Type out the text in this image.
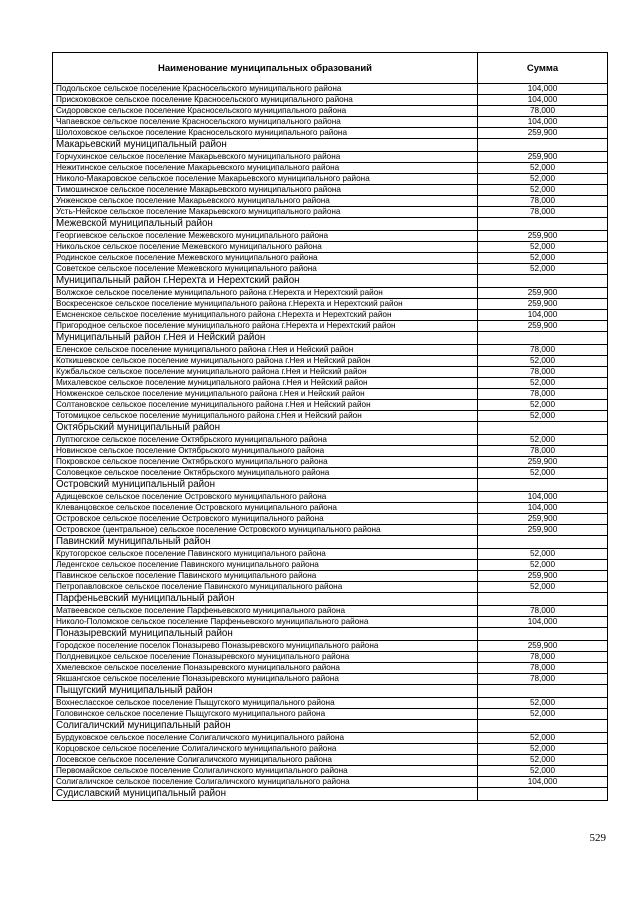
Наименование муниципальных образований	Сумма
Подольское сельское поселение Красносельского муниципального района	104,000
Прискоковское сельское поселение Красносельского муниципального района	104,000
Сидоровское сельское поселение Красносельского муниципального района	78,000
Чапаевское сельское поселение Красносельского муниципального района	104,000
Шолоховское сельское поселение Красносельского муниципального района	259,900
Макарьевский муниципальный район	
Горчухинское сельское поселение Макарьевского муниципального района	259,900
Нежитинское сельское поселение Макарьевского муниципального района	52,000
Николо-Макаровское сельское поселение Макарьевского муниципального района	52,000
Тимошинское сельское поселение Макарьевского муниципального района	52,000
Унженское сельское поселение Макарьевского муниципального района	78,000
Усть-Нейское сельское поселение Макарьевского муниципального района	78,000
Межевской муниципальный район	
Георгиевское сельское поселение Межевского муниципального района	259,900
Никольское сельское поселение Межевского муниципального района	52,000
Родинское сельское поселение Межевского муниципального района	52,000
Советское сельское поселение Межевского муниципального района	52,000
Муниципальный район г.Нерехта и Нерехтский район	
Волжское сельское поселение муниципального района г.Нерехта и Нерехтский район	259,900
Воскресенское сельское поселение муниципального района г.Нерехта и Нерехтский район	259,900
Емсненское сельское поселение муниципального района г.Нерехта и Нерехтский район	104,000
Пригородное сельское поселение муниципального района г.Нерехта и Нерехтский район	259,900
Муниципальный район г.Нея и Нейский район	
Еленское сельское поселение муниципального района г.Нея и Нейский район	78,000
Коткишевское сельское поселение муниципального района г.Нея и Нейский район	52,000
Кужбальское сельское поселение муниципального района г.Нея и Нейский район	78,000
Михалевское сельское поселение муниципального района г.Нея и Нейский район	52,000
Номженское сельское поселение муниципального района г.Нея и Нейский район	78,000
Солтановское сельское поселение муниципального района г.Нея и Нейский район	52,000
Тотомицкое сельское поселение муниципального района г.Нея и Нейский район	52,000
Октябрьский муниципальный район	
Луптюгское сельское поселение Октябрьского муниципального района	52,000
Новинское сельское поселение Октябрьского муниципального района	78,000
Покровское сельское поселение Октябрьского муниципального района	259,900
Соловецкое сельское поселение Октябрьского муниципального района	52,000
Островский муниципальный район	
Адищевское сельское поселение Островского муниципального района	104,000
Клеванцовское сельское поселение Островского муниципального района	104,000
Островское сельское поселение Островского муниципального района	259,900
Островское (центральное) сельское поселение Островского муниципального района	259,900
Павинский муниципальный район	
Крутогорское сельское поселение Павинского муниципального района	52,000
Леденгское сельское поселение Павинского муниципального района	52,000
Павинское сельское поселение Павинского муниципального района	259,900
Петропавловское сельское поселение Павинского муниципального района	52,000
Парфеньевский муниципальный район	
Матвеевское сельское поселение Парфеньевского муниципального района	78,000
Николо-Поломское сельское поселение Парфеньевского муниципального района	104,000
Поназыревский муниципальный район	
Городское поселение поселок Поназырево Поназыревского муниципального района	259,900
Полдневицкое сельское поселение Поназыревского муниципального района	78,000
Хмелевское сельское поселение Поназыревского муниципального района	78,000
Якшангское сельское поселение Поназыревского муниципального района	78,000
Пыщугский муниципальный район	
Вохнесласское сельское поселение Пыщугского муниципального района	52,000
Головинское сельское поселение Пыщугского муниципального района	52,000
Солигаличский муниципальный район	
Бурдуковское сельское поселение Солигаличского муниципального района	52,000
Корцовское сельское поселение Солигаличского муниципального района	52,000
Лосевское сельское поселение Солигаличского муниципального района	52,000
Первомайское сельское поселение Солигаличского муниципального района	52,000
Солигаличское сельское поселение Солигаличского муниципального района	104,000
Судиславский муниципальный район	
529
